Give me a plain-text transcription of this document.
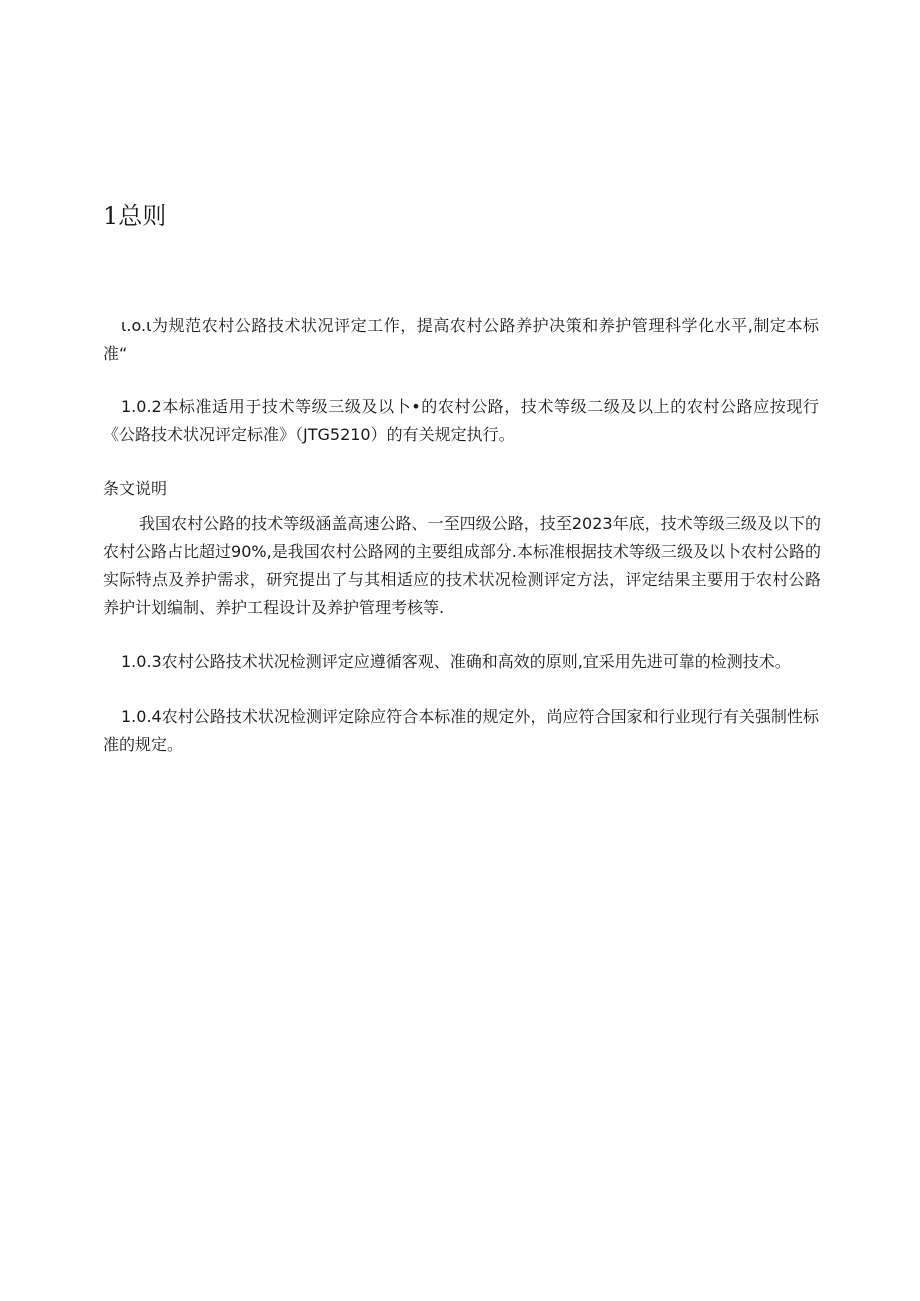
1总则

ι.o.ι为规范农村公路技术状况评定工作，提高农村公路养护决策和养护管理科学化水平,制定本标准“

1.0.2本标准适用于技术等级三级及以卜•的农村公路，技术等级二级及以上的农村公路应按现行《公路技术状况评定标准》（JTG5210）的有关规定执行。

条文说明

我国农村公路的技术等级涵盖高速公路、一至四级公路，技至2023年底，技术等级三级及以下的农村公路占比超过90%,是我国农村公路网的主要组成部分.本标准根据技术等级三级及以卜农村公路的实际特点及养护需求，研究提出了与其相适应的技术状况检测评定方法，评定结果主要用于农村公路养护计划编制、养护工程设计及养护管理考核等.

1.0.3农村公路技术状况检测评定应遵循客观、准确和高效的原则,宜采用先进可靠的检测技术。

1.0.4农村公路技术状况检测评定除应符合本标准的规定外，尚应符合国家和行业现行有关强制性标准的规定。
